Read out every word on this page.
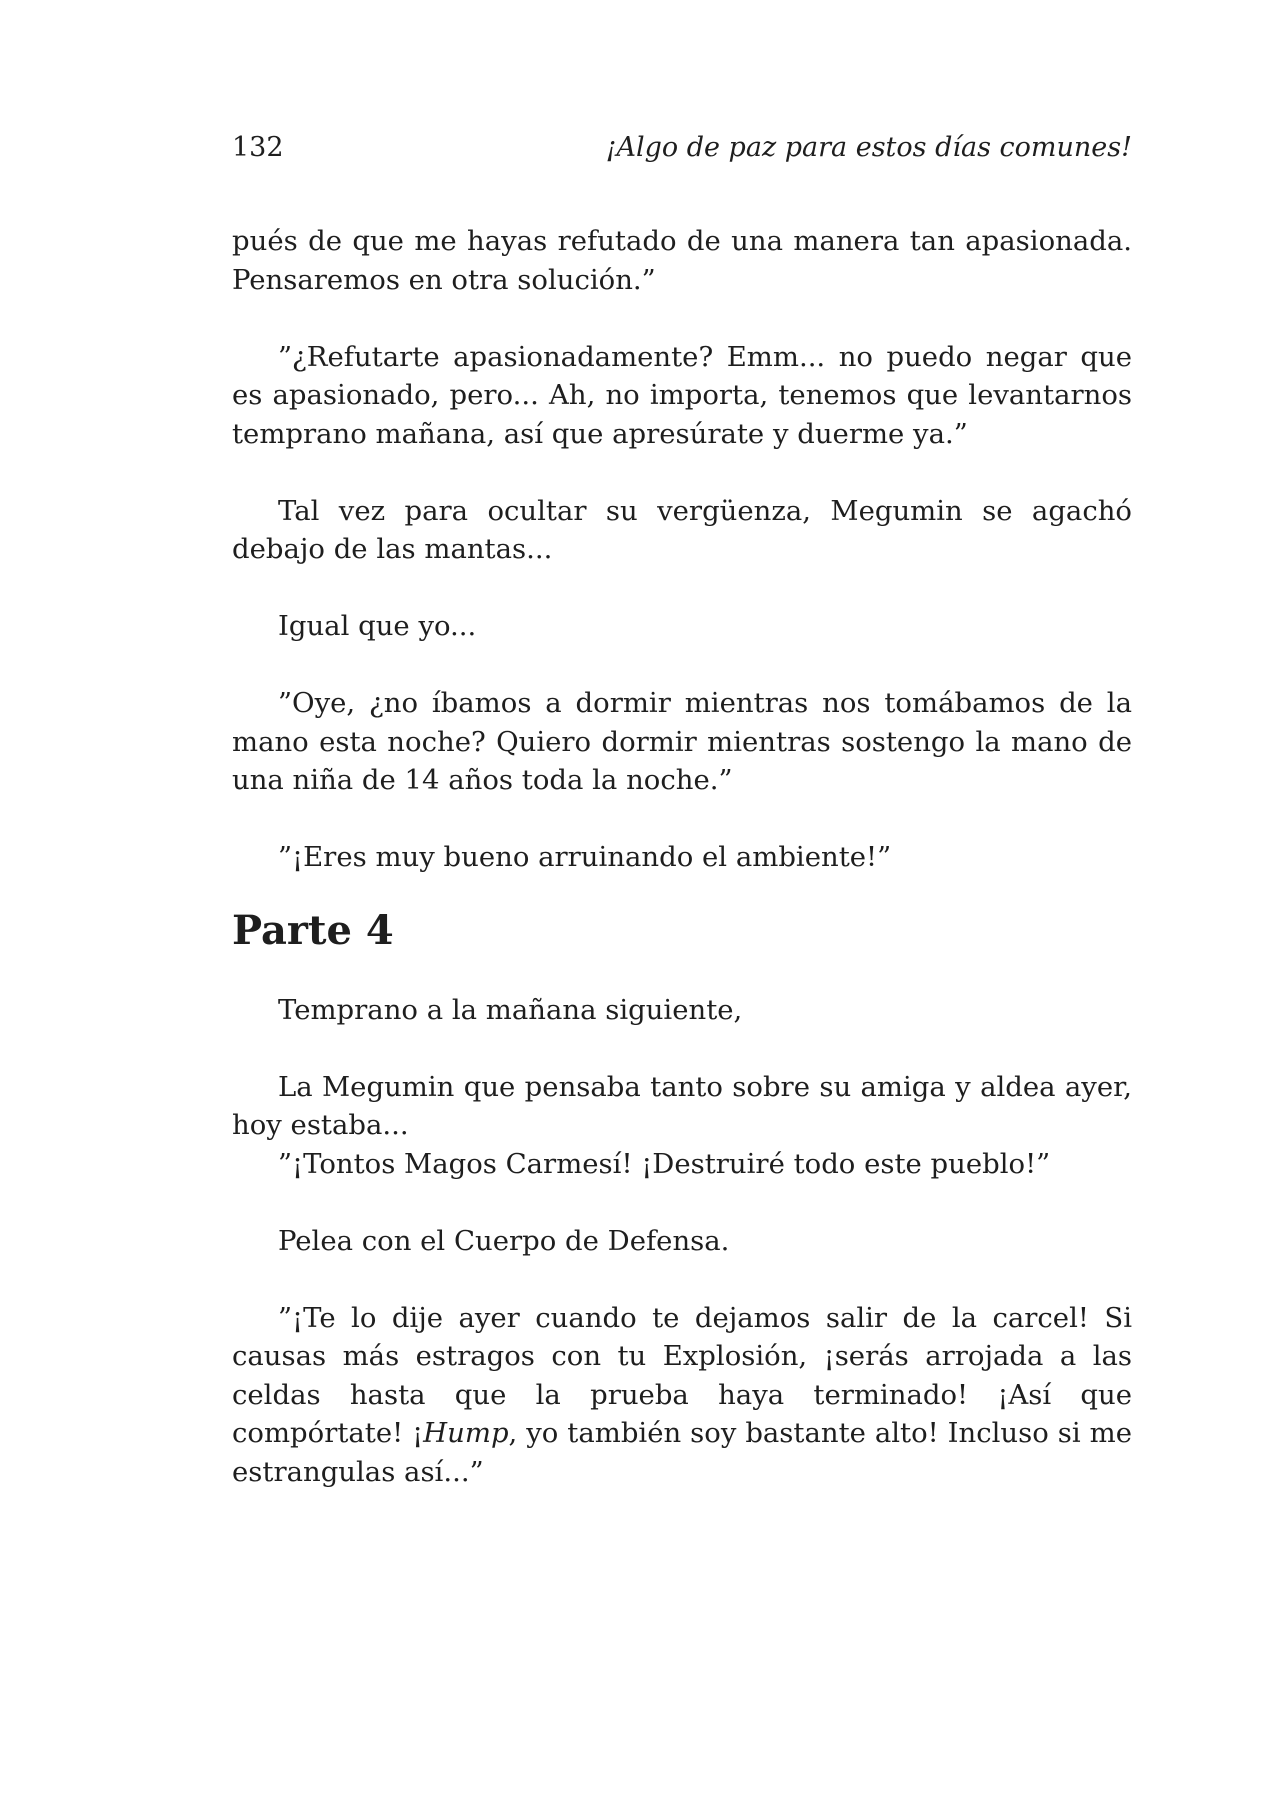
132	¡Algo de paz para estos días comunes!

pués de que me hayas refutado de una manera tan apasionada. Pensaremos en otra solución.”

”¿Refutarte apasionadamente? Emm... no puedo negar que es apasionado, pero... Ah, no importa, tenemos que levantarnos temprano mañana, así que apresúrate y duerme ya.”

Tal vez para ocultar su vergüenza, Megumin se agachó debajo de las mantas...

Igual que yo...

”Oye, ¿no íbamos a dormir mientras nos tomábamos de la mano esta noche? Quiero dormir mientras sostengo la mano de una niña de 14 años toda la noche.”

”¡Eres muy bueno arruinando el ambiente!”

Parte 4

Temprano a la mañana siguiente,

La Megumin que pensaba tanto sobre su amiga y aldea ayer, hoy estaba...

”¡Tontos Magos Carmesí! ¡Destruiré todo este pueblo!”

Pelea con el Cuerpo de Defensa.

”¡Te lo dije ayer cuando te dejamos salir de la carcel! Si causas más estragos con tu Explosión, ¡serás arrojada a las celdas hasta que la prueba haya terminado! ¡Así que compórtate! ¡Hump, yo también soy bastante alto! Incluso si me estrangulas así...”
